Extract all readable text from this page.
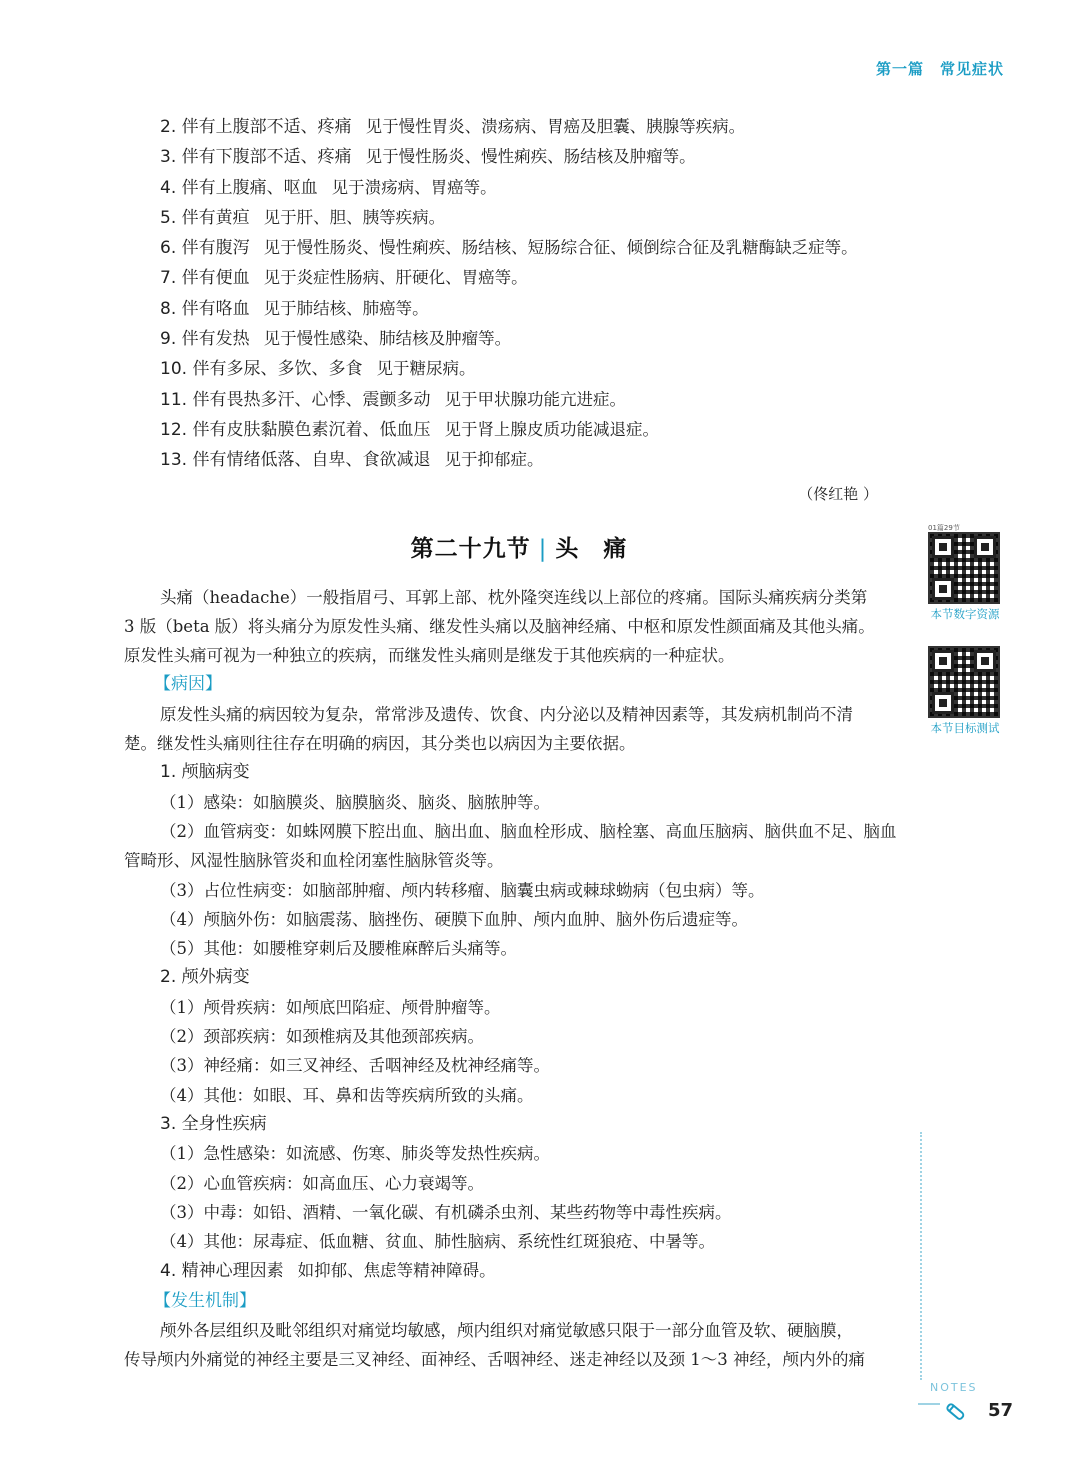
第一篇 常见症状
2. 伴有上腹部不适、疼痛 见于慢性胃炎、溃疡病、胃癌及胆囊、胰腺等疾病。
3. 伴有下腹部不适、疼痛 见于慢性肠炎、慢性痢疾、肠结核及肿瘤等。
4. 伴有上腹痛、呕血 见于溃疡病、胃癌等。
5. 伴有黄疸 见于肝、胆、胰等疾病。
6. 伴有腹泻 见于慢性肠炎、慢性痢疾、肠结核、短肠综合征、倾倒综合征及乳糖酶缺乏症等。
7. 伴有便血 见于炎症性肠病、肝硬化、胃癌等。
8. 伴有咯血 见于肺结核、肺癌等。
9. 伴有发热 见于慢性感染、肺结核及肿瘤等。
10. 伴有多尿、多饮、多食 见于糖尿病。
11. 伴有畏热多汗、心悸、震颤多动 见于甲状腺功能亢进症。
12. 伴有皮肤黏膜色素沉着、低血压 见于肾上腺皮质功能减退症。
13. 伴有情绪低落、自卑、食欲减退 见于抑郁症。
（佟红艳 ）
第二十九节 | 头　痛
头痛（headache）一般指眉弓、耳郭上部、枕外隆突连线以上部位的疼痛。国际头痛疾病分类第
3 版（beta 版）将头痛分为原发性头痛、继发性头痛以及脑神经痛、中枢和原发性颜面痛及其他头痛。
原发性头痛可视为一种独立的疾病，而继发性头痛则是继发于其他疾病的一种症状。
【病因】
原发性头痛的病因较为复杂，常常涉及遗传、饮食、内分泌以及精神因素等，其发病机制尚不清
楚。继发性头痛则往往存在明确的病因，其分类也以病因为主要依据。
1. 颅脑病变
（1）感染：如脑膜炎、脑膜脑炎、脑炎、脑脓肿等。
（2）血管病变：如蛛网膜下腔出血、脑出血、脑血栓形成、脑栓塞、高血压脑病、脑供血不足、脑血
管畸形、风湿性脑脉管炎和血栓闭塞性脑脉管炎等。
（3）占位性病变：如脑部肿瘤、颅内转移瘤、脑囊虫病或棘球蚴病（包虫病）等。
（4）颅脑外伤：如脑震荡、脑挫伤、硬膜下血肿、颅内血肿、脑外伤后遗症等。
（5）其他：如腰椎穿刺后及腰椎麻醉后头痛等。
2. 颅外病变
（1）颅骨疾病：如颅底凹陷症、颅骨肿瘤等。
（2）颈部疾病：如颈椎病及其他颈部疾病。
（3）神经痛：如三叉神经、舌咽神经及枕神经痛等。
（4）其他：如眼、耳、鼻和齿等疾病所致的头痛。
3. 全身性疾病
（1）急性感染：如流感、伤寒、肺炎等发热性疾病。
（2）心血管疾病：如高血压、心力衰竭等。
（3）中毒：如铅、酒精、一氧化碳、有机磷杀虫剂、某些药物等中毒性疾病。
（4）其他：尿毒症、低血糖、贫血、肺性脑病、系统性红斑狼疮、中暑等。
4. 精神心理因素 如抑郁、焦虑等精神障碍。
【发生机制】
颅外各层组织及毗邻组织对痛觉均敏感，颅内组织对痛觉敏感只限于一部分血管及软、硬脑膜，
传导颅内外痛觉的神经主要是三叉神经、面神经、舌咽神经、迷走神经以及颈 1～3 神经，颅内外的痛
01篇29节
本节数字资源
本节目标测试
NOTES
57
